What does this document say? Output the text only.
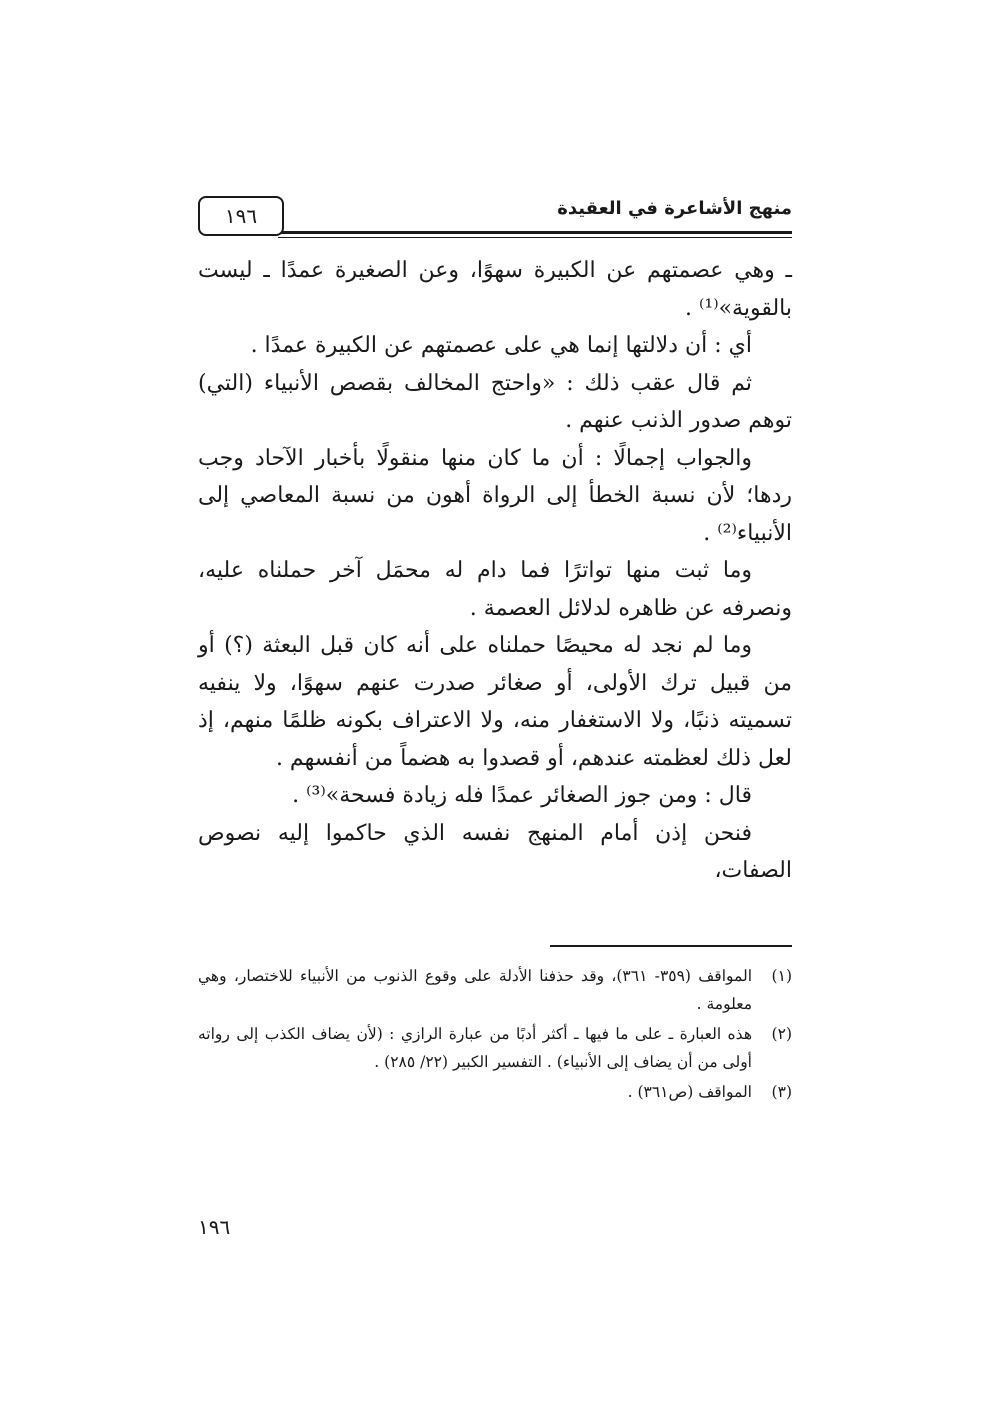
١٩٦	منهج الأشاعرة في العقيدة

ـ وهي عصمتهم عن الكبيرة سهوًا، وعن الصغيرة عمدًا ـ ليست بالقوية»⁽¹⁾ .

أي : أن دلالتها إنما هي على عصمتهم عن الكبيرة عمدًا .

ثم قال عقب ذلك : «واحتج المخالف بقصص الأنبياء (التي) توهم صدور الذنب عنهم .

والجواب إجمالًا : أن ما كان منها منقولًا بأخبار الآحاد وجب ردها؛ لأن نسبة الخطأ إلى الرواة أهون من نسبة المعاصي إلى الأنبياء⁽²⁾ .

وما ثبت منها تواترًا فما دام له محمَل آخر حملناه عليه، ونصرفه عن ظاهره لدلائل العصمة .

وما لم نجد له محيصًا حملناه على أنه كان قبل البعثة (؟) أو من قبيل ترك الأولى، أو صغائر صدرت عنهم سهوًا، ولا ينفيه تسميته ذنبًا، ولا الاستغفار منه، ولا الاعتراف بكونه ظلمًا منهم، إذ لعل ذلك لعظمته عندهم، أو قصدوا به هضماً من أنفسهم .

قال : ومن جوز الصغائر عمدًا فله زيادة فسحة»⁽³⁾ .

فنحن إذن أمام المنهج نفسه الذي حاكموا إليه نصوص الصفات،

(١)
المواقف (٣٥٩- ٣٦١)، وقد حذفنا الأدلة على وقوع الذنوب من الأنبياء للاختصار، وهي معلومة .
(٢)
هذه العبارة ـ على ما فيها ـ أكثر أدبًا من عبارة الرازي : (لأن يضاف الكذب إلى رواته أولى من أن يضاف إلى الأنبياء) . التفسير الكبير (٢٢/ ٢٨٥) .
(٣)
المواقف (ص٣٦١) .
١٩٦
